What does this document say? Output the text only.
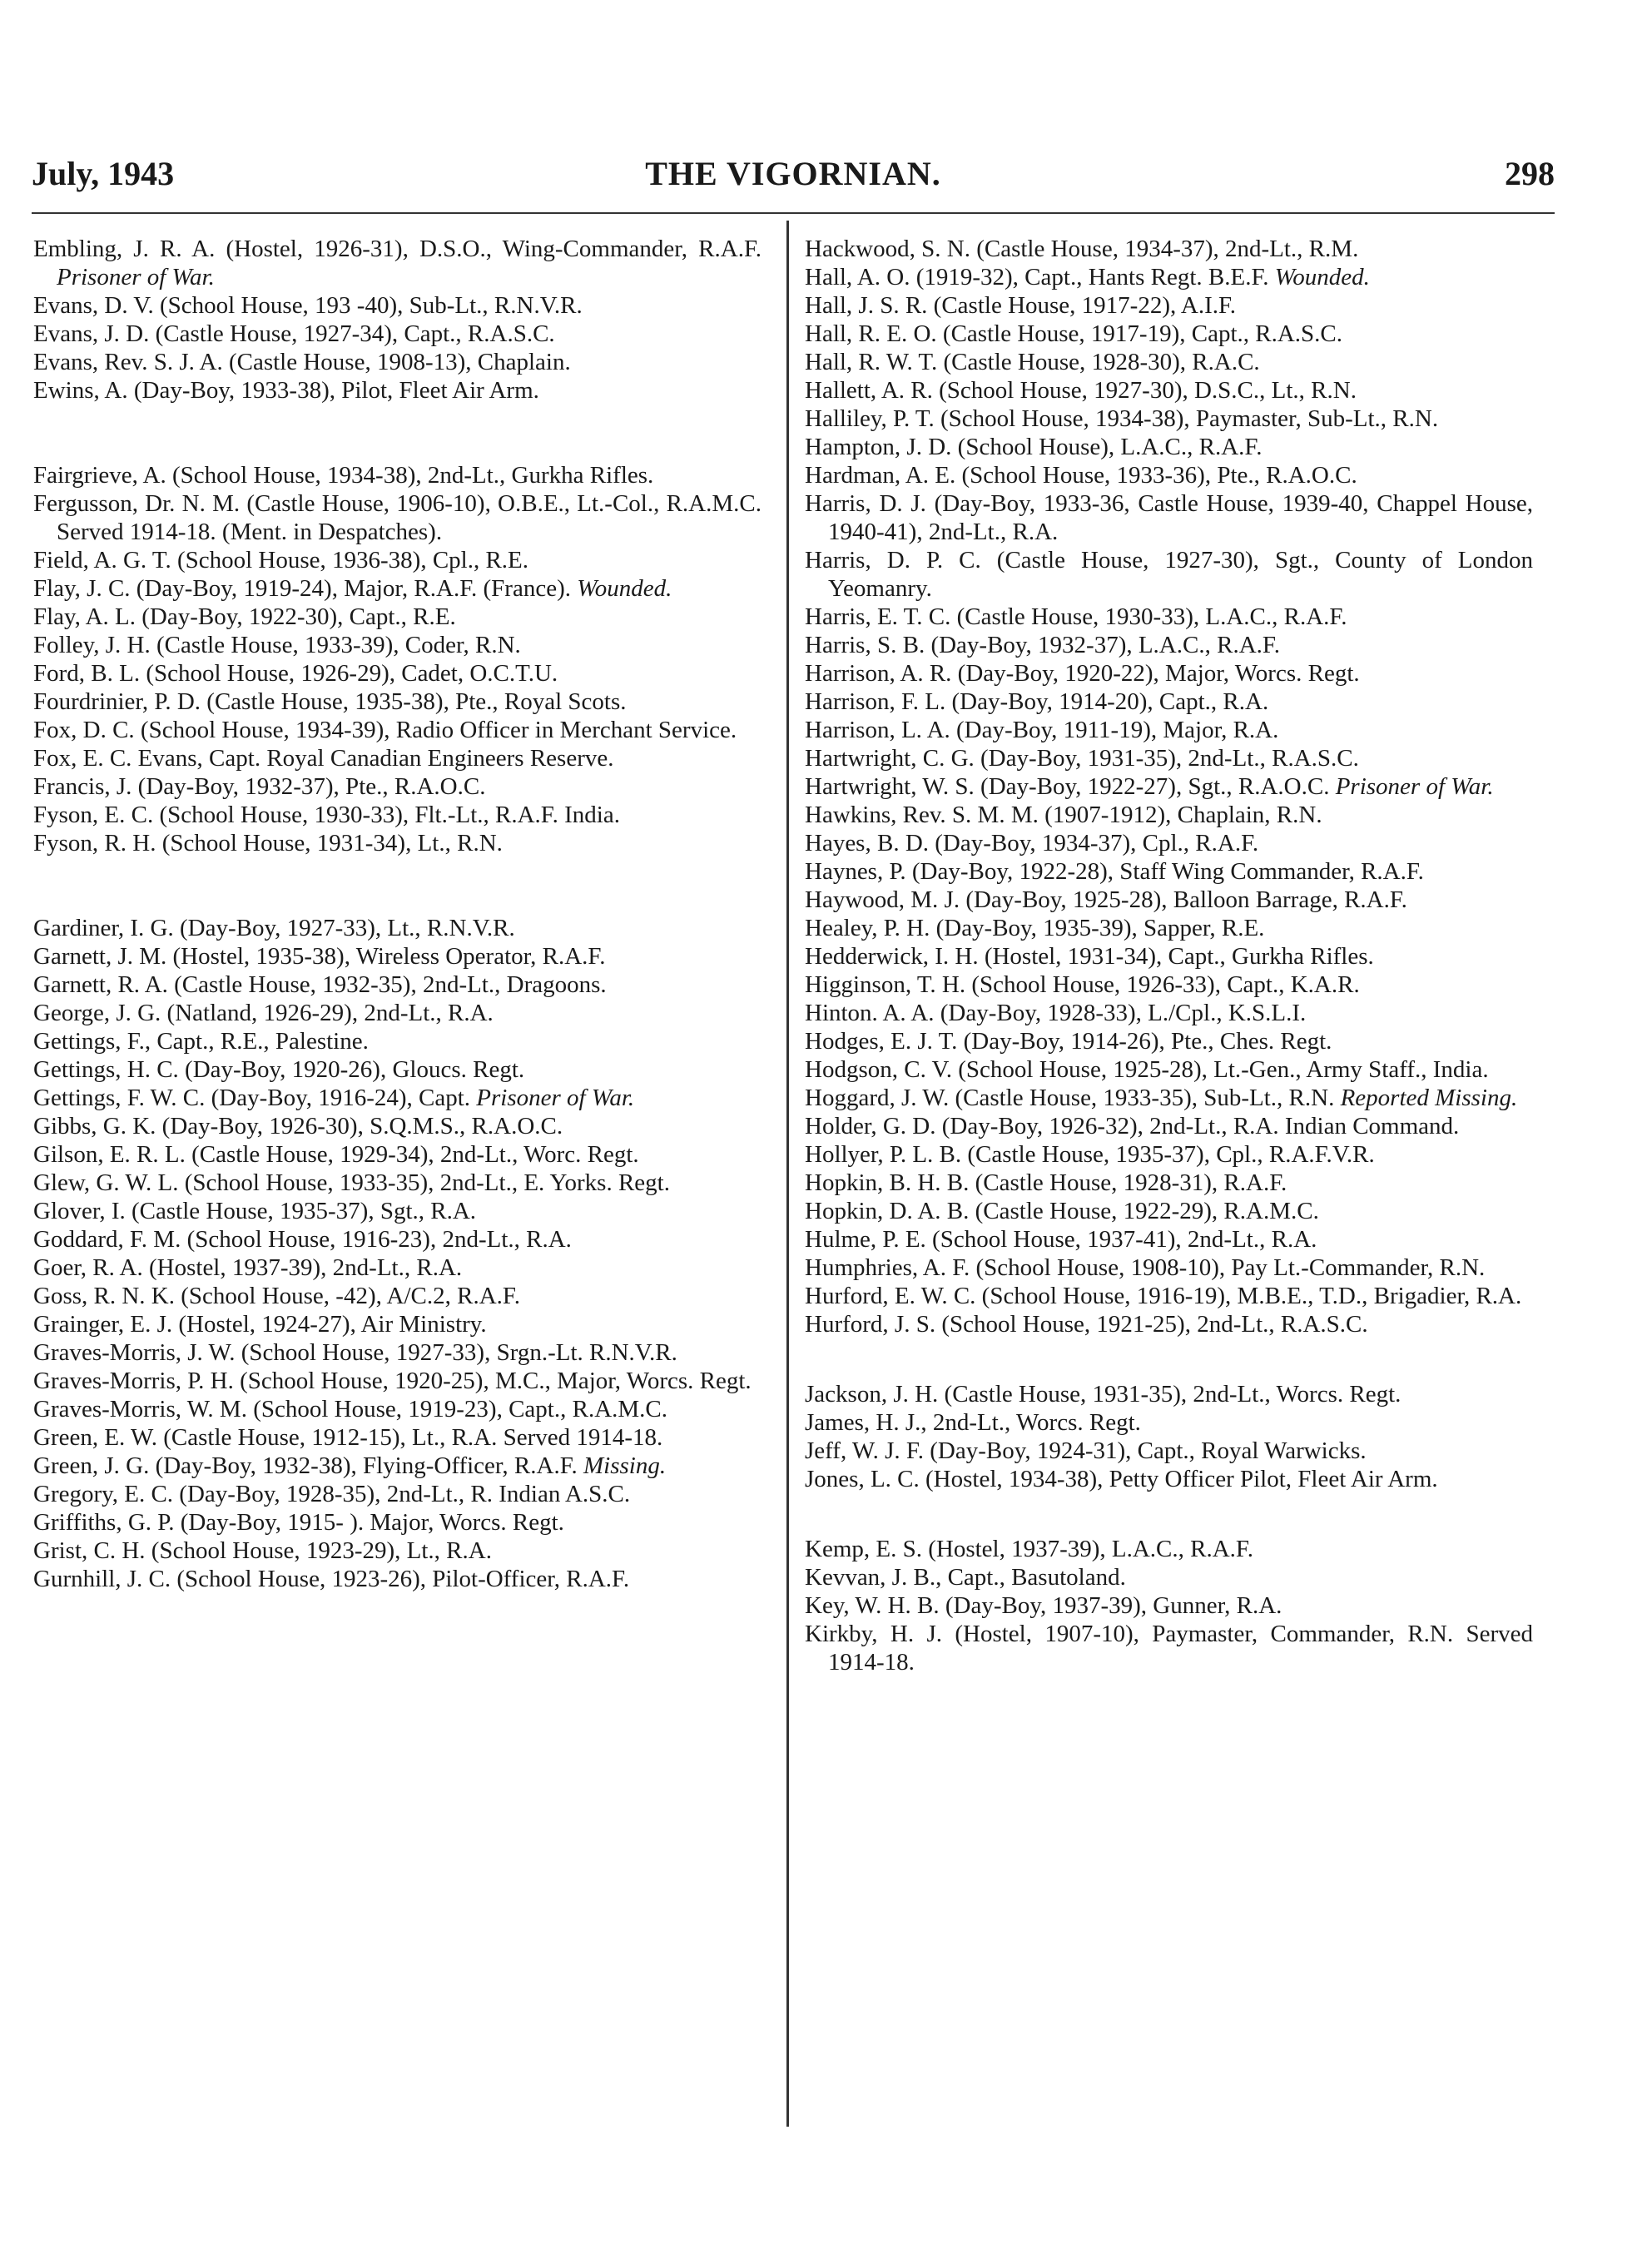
July, 1943	THE VIGORNIAN.	298
Embling, J. R. A. (Hostel, 1926-31), D.S.O., Wing-Commander, R.A.F. Prisoner of War.
Evans, D. V. (School House, 193 -40), Sub-Lt., R.N.V.R.
Evans, J. D. (Castle House, 1927-34), Capt., R.A.S.C.
Evans, Rev. S. J. A. (Castle House, 1908-13), Chaplain.
Ewins, A. (Day-Boy, 1933-38), Pilot, Fleet Air Arm.
Fairgrieve, A. (School House, 1934-38), 2nd-Lt., Gurkha Rifles.
Fergusson, Dr. N. M. (Castle House, 1906-10), O.B.E., Lt.-Col., R.A.M.C. Served 1914-18. (Ment. in Despatches).
Field, A. G. T. (School House, 1936-38), Cpl., R.E.
Flay, J. C. (Day-Boy, 1919-24), Major, R.A.F. (France). Wounded.
Flay, A. L. (Day-Boy, 1922-30), Capt., R.E.
Folley, J. H. (Castle House, 1933-39), Coder, R.N.
Ford, B. L. (School House, 1926-29), Cadet, O.C.T.U.
Fourdrinier, P. D. (Castle House, 1935-38), Pte., Royal Scots.
Fox, D. C. (School House, 1934-39), Radio Officer in Merchant Service.
Fox, E. C. Evans, Capt. Royal Canadian Engineers Reserve.
Francis, J. (Day-Boy, 1932-37), Pte., R.A.O.C.
Fyson, E. C. (School House, 1930-33), Flt.-Lt., R.A.F. India.
Fyson, R. H. (School House, 1931-34), Lt., R.N.
Gardiner, I. G. (Day-Boy, 1927-33), Lt., R.N.V.R.
Garnett, J. M. (Hostel, 1935-38), Wireless Operator, R.A.F.
Garnett, R. A. (Castle House, 1932-35), 2nd-Lt., Dragoons.
George, J. G. (Natland, 1926-29), 2nd-Lt., R.A.
Gettings, F., Capt., R.E., Palestine.
Gettings, H. C. (Day-Boy, 1920-26), Gloucs. Regt.
Gettings, F. W. C. (Day-Boy, 1916-24), Capt. Prisoner of War.
Gibbs, G. K. (Day-Boy, 1926-30), S.Q.M.S., R.A.O.C.
Gilson, E. R. L. (Castle House, 1929-34), 2nd-Lt., Worc. Regt.
Glew, G. W. L. (School House, 1933-35), 2nd-Lt., E. Yorks. Regt.
Glover, I. (Castle House, 1935-37), Sgt., R.A.
Goddard, F. M. (School House, 1916-23), 2nd-Lt., R.A.
Goer, R. A. (Hostel, 1937-39), 2nd-Lt., R.A.
Goss, R. N. K. (School House, -42), A/C.2, R.A.F.
Grainger, E. J. (Hostel, 1924-27), Air Ministry.
Graves-Morris, J. W. (School House, 1927-33), Srgn.-Lt. R.N.V.R.
Graves-Morris, P. H. (School House, 1920-25), M.C., Major, Worcs. Regt.
Graves-Morris, W. M. (School House, 1919-23), Capt., R.A.M.C.
Green, E. W. (Castle House, 1912-15), Lt., R.A. Served 1914-18.
Green, J. G. (Day-Boy, 1932-38), Flying-Officer, R.A.F. Missing.
Gregory, E. C. (Day-Boy, 1928-35), 2nd-Lt., R. Indian A.S.C.
Griffiths, G. P. (Day-Boy, 1915- ). Major, Worcs. Regt.
Grist, C. H. (School House, 1923-29), Lt., R.A.
Gurnhill, J. C. (School House, 1923-26), Pilot-Officer, R.A.F.
Hackwood, S. N. (Castle House, 1934-37), 2nd-Lt., R.M.
Hall, A. O. (1919-32), Capt., Hants Regt. B.E.F. Wounded.
Hall, J. S. R. (Castle House, 1917-22), A.I.F.
Hall, R. E. O. (Castle House, 1917-19), Capt., R.A.S.C.
Hall, R. W. T. (Castle House, 1928-30), R.A.C.
Hallett, A. R. (School House, 1927-30), D.S.C., Lt., R.N.
Halliley, P. T. (School House, 1934-38), Paymaster, Sub-Lt., R.N.
Hampton, J. D. (School House), L.A.C., R.A.F.
Hardman, A. E. (School House, 1933-36), Pte., R.A.O.C.
Harris, D. J. (Day-Boy, 1933-36, Castle House, 1939-40, Chappel House, 1940-41), 2nd-Lt., R.A.
Harris, D. P. C. (Castle House, 1927-30), Sgt., County of London Yeomanry.
Harris, E. T. C. (Castle House, 1930-33), L.A.C., R.A.F.
Harris, S. B. (Day-Boy, 1932-37), L.A.C., R.A.F.
Harrison, A. R. (Day-Boy, 1920-22), Major, Worcs. Regt.
Harrison, F. L. (Day-Boy, 1914-20), Capt., R.A.
Harrison, L. A. (Day-Boy, 1911-19), Major, R.A.
Hartwright, C. G. (Day-Boy, 1931-35), 2nd-Lt., R.A.S.C.
Hartwright, W. S. (Day-Boy, 1922-27), Sgt., R.A.O.C. Prisoner of War.
Hawkins, Rev. S. M. M. (1907-1912), Chaplain, R.N.
Hayes, B. D. (Day-Boy, 1934-37), Cpl., R.A.F.
Haynes, P. (Day-Boy, 1922-28), Staff Wing Commander, R.A.F.
Haywood, M. J. (Day-Boy, 1925-28), Balloon Barrage, R.A.F.
Healey, P. H. (Day-Boy, 1935-39), Sapper, R.E.
Hedderwick, I. H. (Hostel, 1931-34), Capt., Gurkha Rifles.
Higginson, T. H. (School House, 1926-33), Capt., K.A.R.
Hinton. A. A. (Day-Boy, 1928-33), L./Cpl., K.S.L.I.
Hodges, E. J. T. (Day-Boy, 1914-26), Pte., Ches. Regt.
Hodgson, C. V. (School House, 1925-28), Lt.-Gen., Army Staff., India.
Hoggard, J. W. (Castle House, 1933-35), Sub-Lt., R.N. Reported Missing.
Holder, G. D. (Day-Boy, 1926-32), 2nd-Lt., R.A. Indian Command.
Hollyer, P. L. B. (Castle House, 1935-37), Cpl., R.A.F.V.R.
Hopkin, B. H. B. (Castle House, 1928-31), R.A.F.
Hopkin, D. A. B. (Castle House, 1922-29), R.A.M.C.
Hulme, P. E. (School House, 1937-41), 2nd-Lt., R.A.
Humphries, A. F. (School House, 1908-10), Pay Lt.-Commander, R.N.
Hurford, E. W. C. (School House, 1916-19), M.B.E., T.D., Brigadier, R.A.
Hurford, J. S. (School House, 1921-25), 2nd-Lt., R.A.S.C.
Jackson, J. H. (Castle House, 1931-35), 2nd-Lt., Worcs. Regt.
James, H. J., 2nd-Lt., Worcs. Regt.
Jeff, W. J. F. (Day-Boy, 1924-31), Capt., Royal Warwicks.
Jones, L. C. (Hostel, 1934-38), Petty Officer Pilot, Fleet Air Arm.
Kemp, E. S. (Hostel, 1937-39), L.A.C., R.A.F.
Kevvan, J. B., Capt., Basutoland.
Key, W. H. B. (Day-Boy, 1937-39), Gunner, R.A.
Kirkby, H. J. (Hostel, 1907-10), Paymaster, Commander, R.N. Served 1914-18.
